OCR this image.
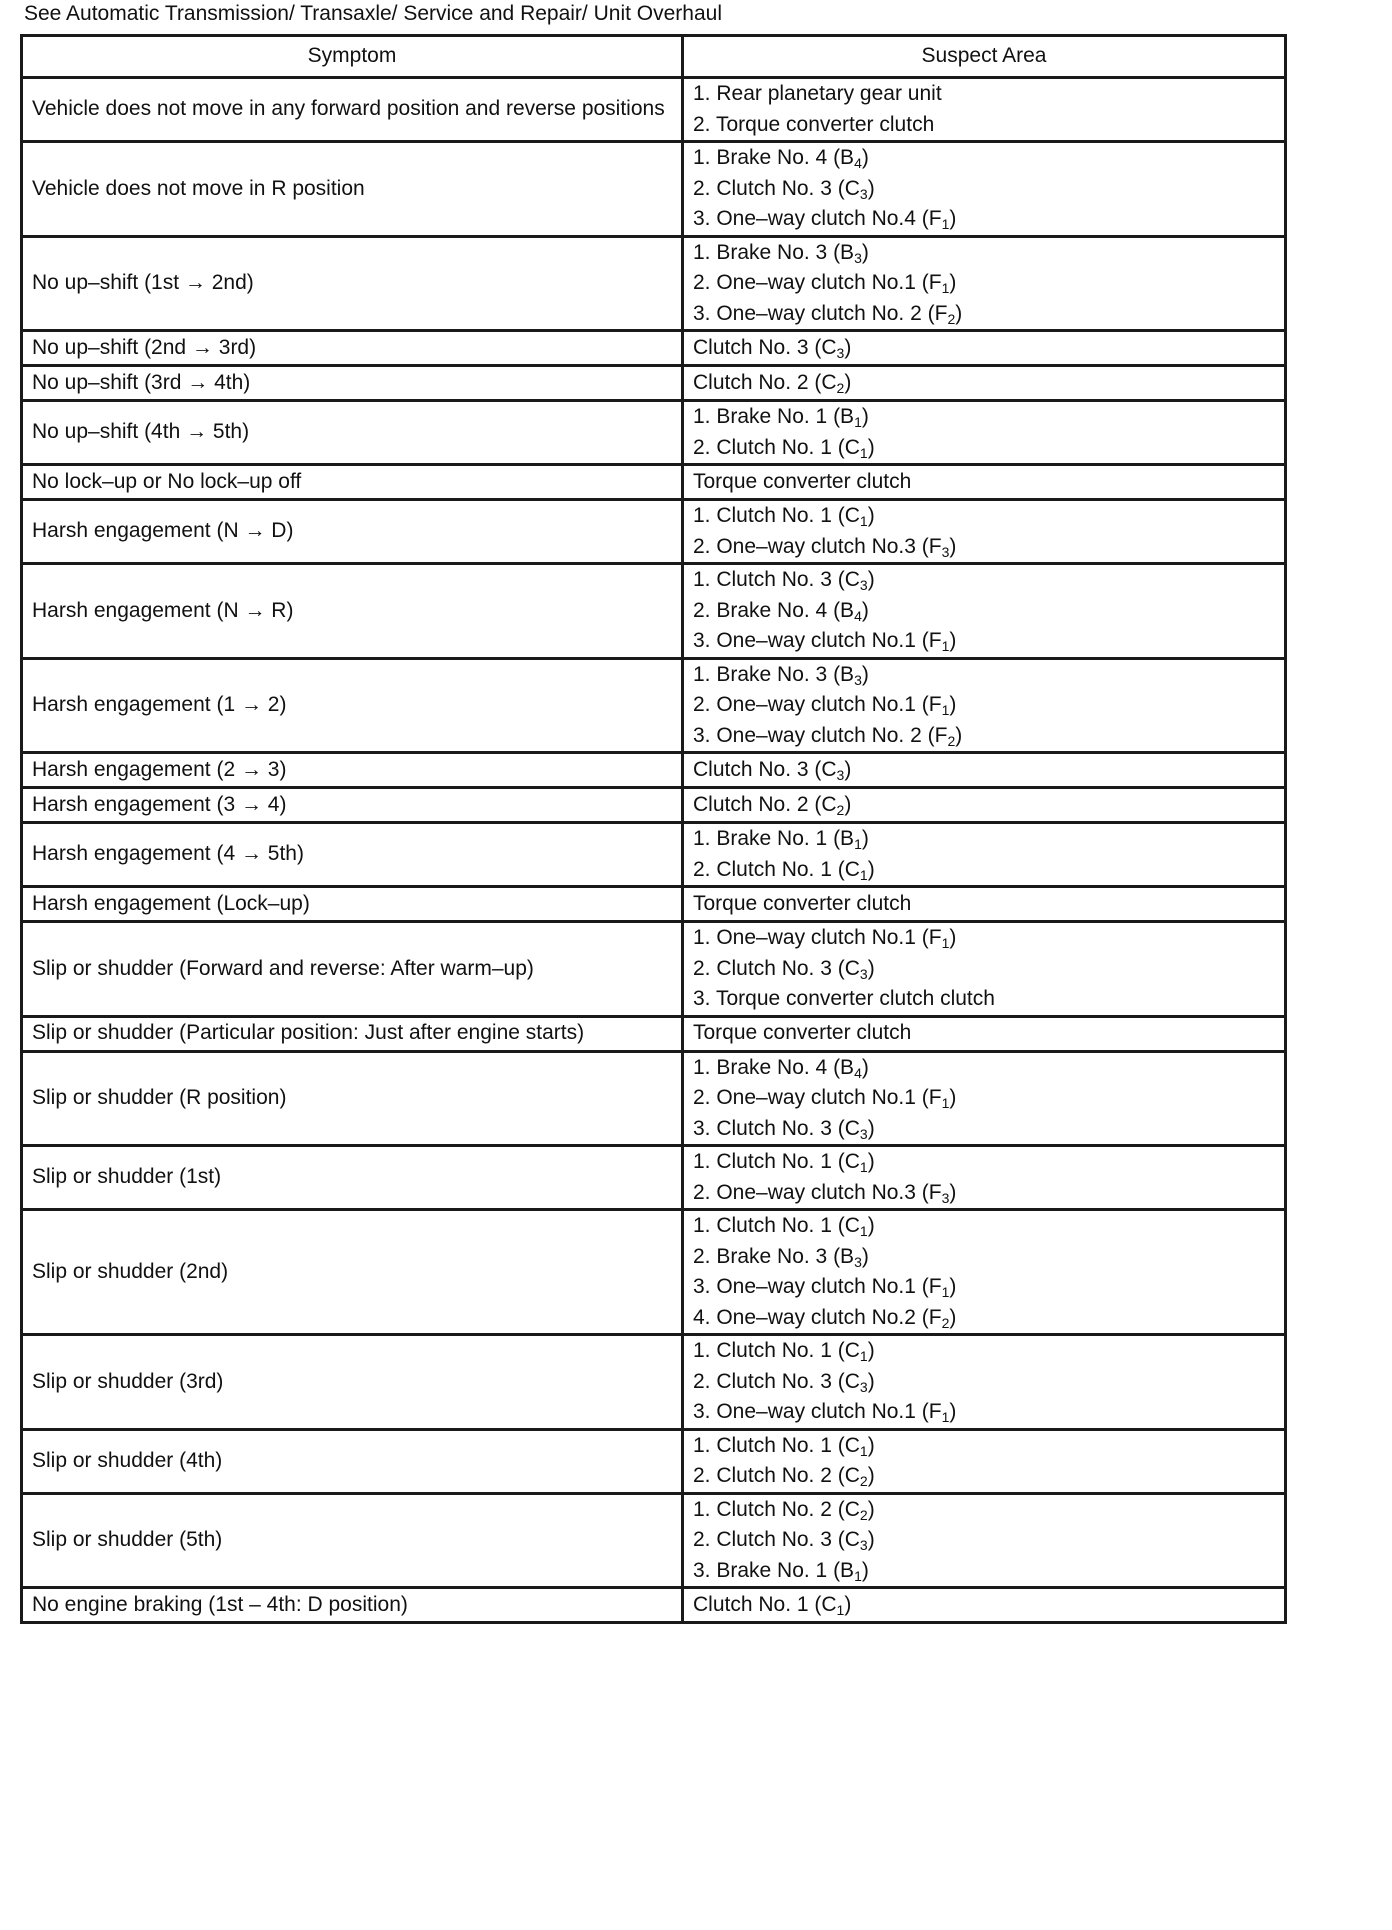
See Automatic Transmission/ Transaxle/ Service and Repair/ Unit Overhaul
Symptom	Suspect Area

Vehicle does not move in any forward position and reverse positions	1. Rear planetary gear unit
2. Torque converter clutch

Vehicle does not move in R position	1. Brake No. 4 $(B_4)$
2. Clutch No. 3 $(C_3)$
3. One–way clutch No.4 $(F_1)$

No up–shift (1st → 2nd)	1. Brake No. 3 $(B_3)$
2. One–way clutch No.1 $(F_1)$
3. One–way clutch No. 2 $(F_2)$

No up–shift (2nd → 3rd)	Clutch No. 3 $(C_3)$

No up–shift (3rd → 4th)	Clutch No. 2 $(C_2)$

No up–shift (4th → 5th)	1. Brake No. 1 $(B_1)$
2. Clutch No. 1 $(C_1)$

No lock–up or No lock–up off	Torque converter clutch

Harsh engagement (N → D)	1. Clutch No. 1 $(C_1)$
2. One–way clutch No.3 $(F_3)$

Harsh engagement (N → R)	1. Clutch No. 3 $(C_3)$
2. Brake No. 4 $(B_4)$
3. One–way clutch No.1 $(F_1)$

Harsh engagement (1 → 2)	1. Brake No. 3 $(B_3)$
2. One–way clutch No.1 $(F_1)$
3. One–way clutch No. 2 $(F_2)$

Harsh engagement (2 → 3)	Clutch No. 3 $(C_3)$

Harsh engagement (3 → 4)	Clutch No. 2 $(C_2)$

Harsh engagement (4 → 5th)	1. Brake No. 1 $(B_1)$
2. Clutch No. 1 $(C_1)$

Harsh engagement (Lock–up)	Torque converter clutch

Slip or shudder (Forward and reverse: After warm–up)	1. One–way clutch No.1 $(F_1)$
2. Clutch No. 3 $(C_3)$
3. Torque converter clutch clutch

Slip or shudder (Particular position: Just after engine starts)	Torque converter clutch

Slip or shudder (R position)	1. Brake No. 4 $(B_4)$
2. One–way clutch No.1 $(F_1)$
3. Clutch No. 3 $(C_3)$

Slip or shudder (1st)	1. Clutch No. 1 $(C_1)$
2. One–way clutch No.3 $(F_3)$

Slip or shudder (2nd)	1. Clutch No. 1 $(C_1)$
2. Brake No. 3 $(B_3)$
3. One–way clutch No.1 $(F_1)$
4. One–way clutch No.2 $(F_2)$

Slip or shudder (3rd)	1. Clutch No. 1 $(C_1)$
2. Clutch No. 3 $(C_3)$
3. One–way clutch No.1 $(F_1)$

Slip or shudder (4th)	1. Clutch No. 1 $(C_1)$
2. Clutch No. 2 $(C_2)$

Slip or shudder (5th)	1. Clutch No. 2 $(C_2)$
2. Clutch No. 3 $(C_3)$
3. Brake No. 1 $(B_1)$

No engine braking (1st – 4th: D position)	Clutch No. 1 $(C_1)$
